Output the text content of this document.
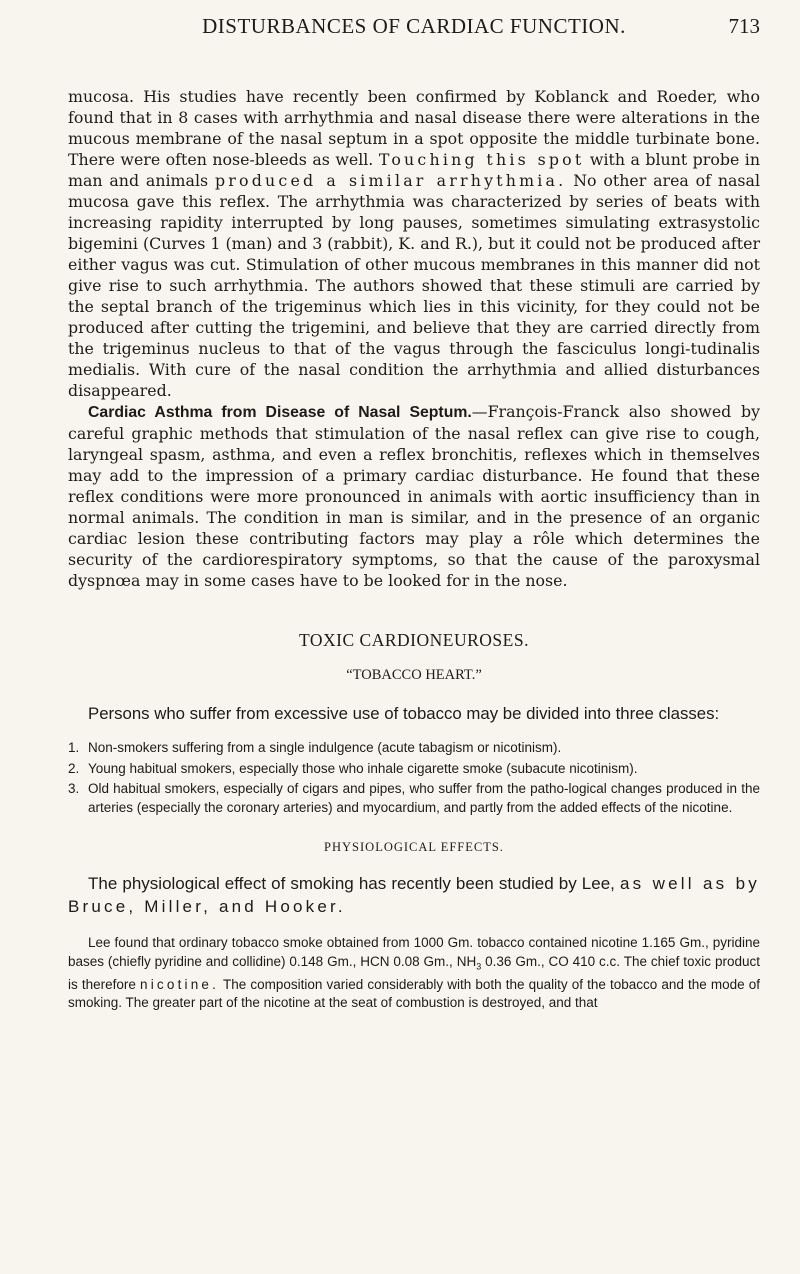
DISTURBANCES OF CARDIAC FUNCTION.	713

mucosa. His studies have recently been confirmed by Koblanck and Roeder, who found that in 8 cases with arrhythmia and nasal disease there were alterations in the mucous membrane of the nasal septum in a spot opposite the middle turbinate bone. There were often nose-bleeds as well. Touching this spot with a blunt probe in man and animals produced a similar arrhythmia. No other area of nasal mucosa gave this reflex. The arrhythmia was characterized by series of beats with increasing rapidity interrupted by long pauses, sometimes simulating extrasystolic bigemini (Curves 1 (man) and 3 (rabbit), K. and R.), but it could not be produced after either vagus was cut. Stimulation of other mucous membranes in this manner did not give rise to such arrhythmia. The authors showed that these stimuli are carried by the septal branch of the trigeminus which lies in this vicinity, for they could not be produced after cutting the trigemini, and believe that they are carried directly from the trigeminus nucleus to that of the vagus through the fasciculus longi-tudinalis medialis. With cure of the nasal condition the arrhythmia and allied disturbances disappeared.

Cardiac Asthma from Disease of Nasal Septum.—François-Franck also showed by careful graphic methods that stimulation of the nasal reflex can give rise to cough, laryngeal spasm, asthma, and even a reflex bronchitis, reflexes which in themselves may add to the impression of a primary cardiac disturbance. He found that these reflex conditions were more pronounced in animals with aortic insufficiency than in normal animals. The condition in man is similar, and in the presence of an organic cardiac lesion these contributing factors may play a rôle which determines the security of the cardiorespiratory symptoms, so that the cause of the paroxysmal dyspnœa may in some cases have to be looked for in the nose.

TOXIC CARDIONEUROSES.
“TOBACCO HEART.”

Persons who suffer from excessive use of tobacco may be divided into three classes:

1. Non-smokers suffering from a single indulgence (acute tabagism or nicotinism).
2. Young habitual smokers, especially those who inhale cigarette smoke (subacute nicotinism).
3. Old habitual smokers, especially of cigars and pipes, who suffer from the patho-logical changes produced in the arteries (especially the coronary arteries) and myocardium, and partly from the added effects of the nicotine.
PHYSIOLOGICAL EFFECTS.

The physiological effect of smoking has recently been studied by Lee, as well as by Bruce, Miller, and Hooker.

Lee found that ordinary tobacco smoke obtained from 1000 Gm. tobacco contained nicotine 1.165 Gm., pyridine bases (chiefly pyridine and collidine) 0.148 Gm., HCN 0.08 Gm., $NH_3$ 0.36 Gm., CO 410 c.c. The chief toxic product is therefore nicotine. The composition varied considerably with both the quality of the tobacco and the mode of smoking. The greater part of the nicotine at the seat of combustion is destroyed, and that
